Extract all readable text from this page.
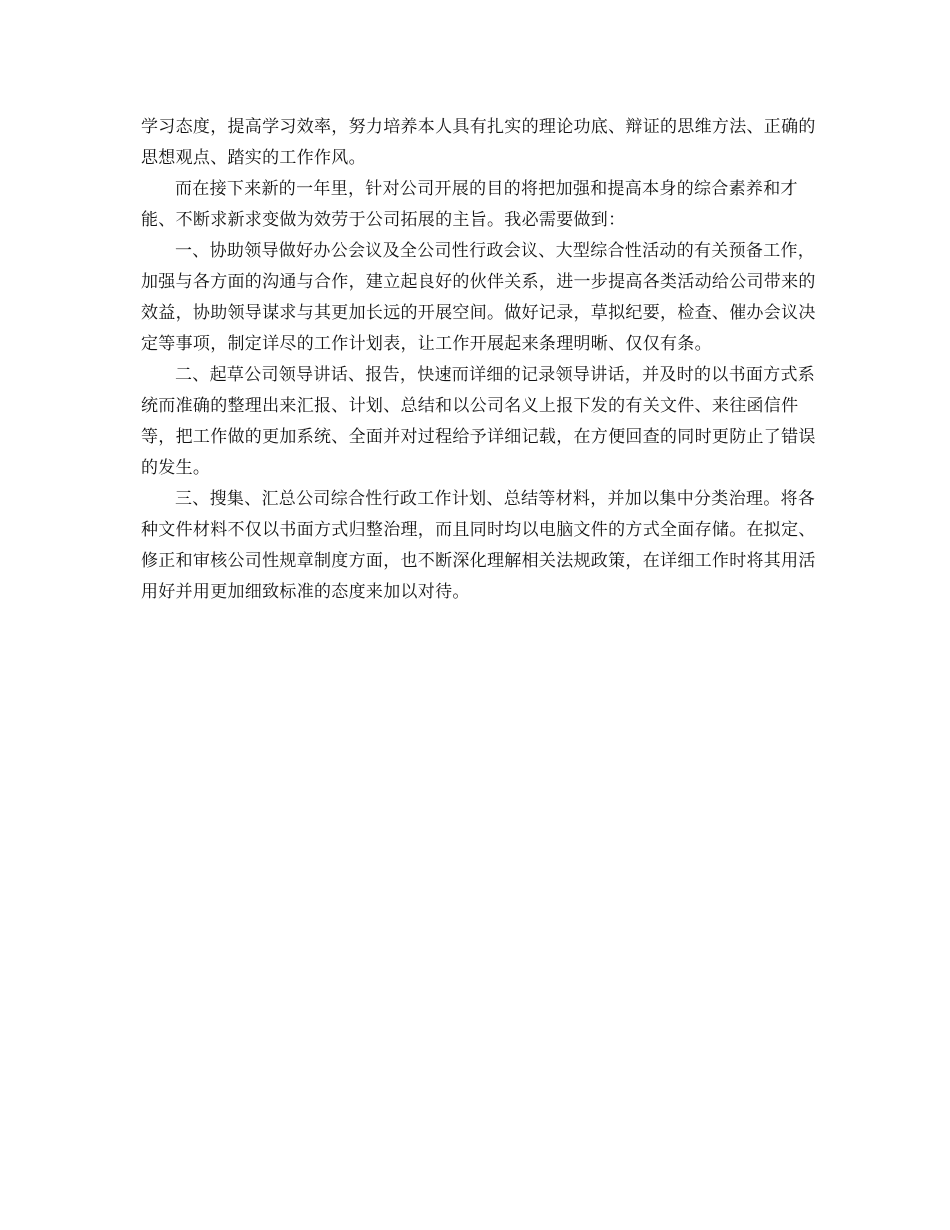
学习态度，提高学习效率，努力培养本人具有扎实的理论功底、辩证的思维方法、正确的思想观点、踏实的工作作风。

而在接下来新的一年里，针对公司开展的目的将把加强和提高本身的综合素养和才能、不断求新求变做为效劳于公司拓展的主旨。我必需要做到：

一、协助领导做好办公会议及全公司性行政会议、大型综合性活动的有关预备工作，加强与各方面的沟通与合作，建立起良好的伙伴关系，进一步提高各类活动给公司带来的效益，协助领导谋求与其更加长远的开展空间。做好记录，草拟纪要，检查、催办会议决定等事项，制定详尽的工作计划表，让工作开展起来条理明晰、仅仅有条。

二、起草公司领导讲话、报告，快速而详细的记录领导讲话，并及时的以书面方式系统而准确的整理出来汇报、计划、总结和以公司名义上报下发的有关文件、来往函信件等，把工作做的更加系统、全面并对过程给予详细记载，在方便回查的同时更防止了错误的发生。

三、搜集、汇总公司综合性行政工作计划、总结等材料，并加以集中分类治理。将各种文件材料不仅以书面方式归整治理，而且同时均以电脑文件的方式全面存储。在拟定、修正和审核公司性规章制度方面，也不断深化理解相关法规政策，在详细工作时将其用活用好并用更加细致标准的态度来加以对待。
